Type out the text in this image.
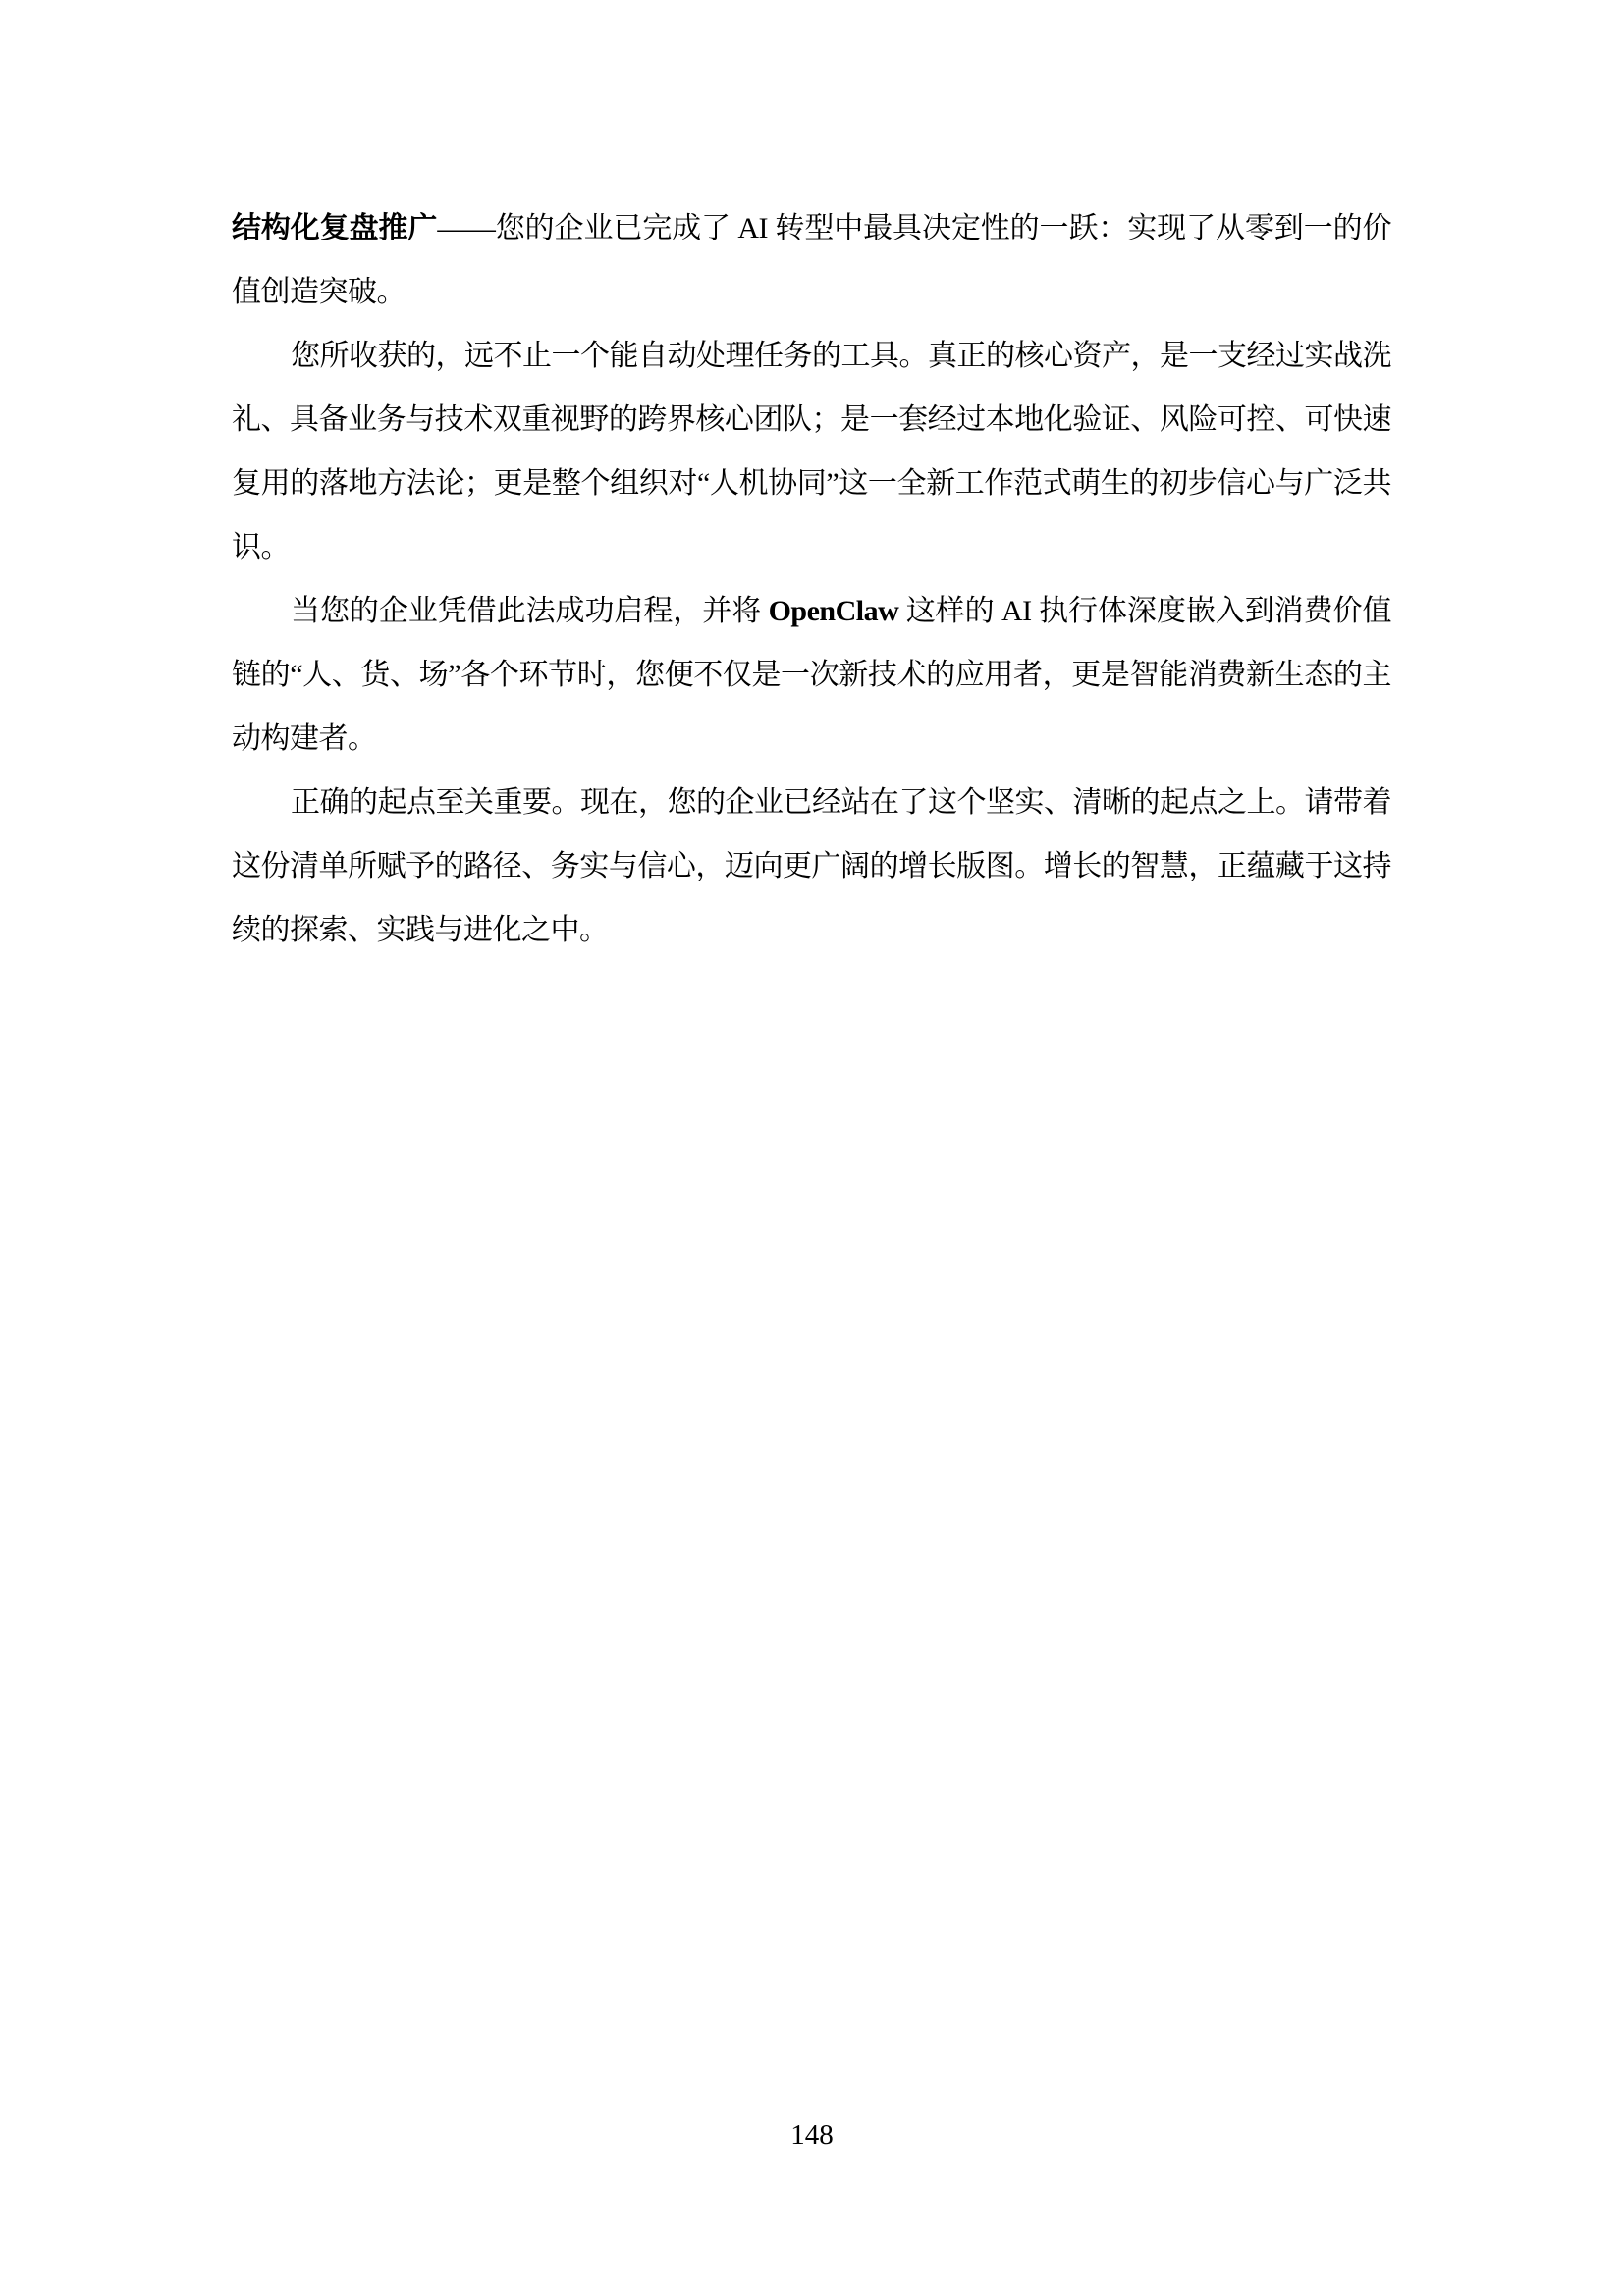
结构化复盘推广——您的企业已完成了 AI 转型中最具决定性的一跃：实现了从零到一的价值创造突破。

您所收获的，远不止一个能自动处理任务的工具。真正的核心资产，是一支经过实战洗礼、具备业务与技术双重视野的跨界核心团队；是一套经过本地化验证、风险可控、可快速复用的落地方法论；更是整个组织对“人机协同”这一全新工作范式萌生的初步信心与广泛共识。

当您的企业凭借此法成功启程，并将 OpenClaw 这样的 AI 执行体深度嵌入到消费价值链的“人、货、场”各个环节时，您便不仅是一次新技术的应用者，更是智能消费新生态的主动构建者。

正确的起点至关重要。现在，您的企业已经站在了这个坚实、清晰的起点之上。请带着这份清单所赋予的路径、务实与信心，迈向更广阔的增长版图。增长的智慧，正蕴藏于这持续的探索、实践与进化之中。

148
